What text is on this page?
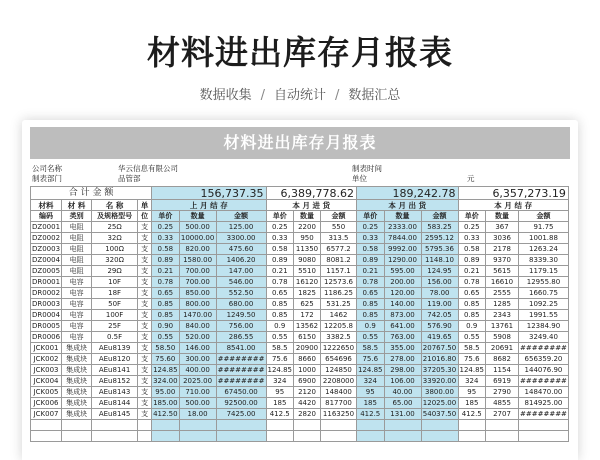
材料进出库存月报表
数据收集 / 自动统计 / 数据汇总
材料进出库存月报表
公司名称	华云信息有限公司	制表时间
制表部门	品管部	单位	元
合 计 金 额				156,737.35			6,389,778.62			189,242.78			6,357,273.19		
材料	材 料	名 称	单	上 月 结 存			本 月 进 货			本 月 出 货			本 月 结 存		
编码	类别	及规格型号	位	单价	数量	金额	单价	数量	金额	单价	数量	金额	单价	数量	金额
DZ0001	电阻	25Ω	支	0.25	500.00	125.00	0.25	2200	550	0.25	2333.00	583.25	0.25	367	91.75
DZ0002	电阻	32Ω	支	0.33	10000.00	3300.00	0.33	950	313.5	0.33	7844.00	2595.12	0.33	3036	1001.88
DZ0003	电阻	100Ω	支	0.58	820.00	475.60	0.58	11350	6577.2	0.58	9992.00	5795.36	0.58	2178	1263.24
DZ0004	电阻	320Ω	支	0.89	1580.00	1406.20	0.89	9080	8081.2	0.89	1290.00	1148.10	0.89	9370	8339.30
DZ0005	电阻	29Ω	支	0.21	700.00	147.00	0.21	5510	1157.1	0.21	595.00	124.95	0.21	5615	1179.15
DR0001	电容	10F	支	0.78	700.00	546.00	0.78	16120	12573.6	0.78	200.00	156.00	0.78	16610	12955.80
DR0002	电容	18F	支	0.65	850.00	552.50	0.65	1825	1186.25	0.65	120.00	78.00	0.65	2555	1660.75
DR0003	电容	50F	支	0.85	800.00	680.00	0.85	625	531.25	0.85	140.00	119.00	0.85	1285	1092.25
DR0004	电容	100F	支	0.85	1470.00	1249.50	0.85	172	1462	0.85	873.00	742.05	0.85	2343	1991.55
DR0005	电容	25F	支	0.90	840.00	756.00	0.9	13562	12205.8	0.9	641.00	576.90	0.9	13761	12384.90
DR0006	电容	0.5F	支	0.55	520.00	286.55	0.55	6150	3382.5	0.55	763.00	419.65	0.55	5908	3249.40
JCK001	集成块	AEu8139	支	58.50	146.00	8541.00	58.5	20900	1222650	58.5	355.00	20767.50	58.5	20691	########
JCK002	集成块	AEu8120	支	75.60	300.00	########	75.6	8660	654696	75.6	278.00	21016.80	75.6	8682	656359.20
JCK003	集成块	AEu8141	支	124.85	400.00	########	124.85	1000	124850	124.85	298.00	37205.30	124.85	1154	144076.90
JCK004	集成块	AEu8152	支	324.00	2025.00	########	324	6900	2208000	324	106.00	33920.00	324	6919	########
JCK005	集成块	AEu8143	支	95.00	710.00	67450.00	95	2120	148400	95	40.00	3800.00	95	2790	148470.00
JCK006	集成块	AEu8144	支	185.00	500.00	92500.00	185	4420	817700	185	65.00	12025.00	185	4855	814925.00
JCK007	集成块	AEu8145	支	412.50	18.00	7425.00	412.5	2820	1163250	412.5	131.00	54037.50	412.5	2707	########
